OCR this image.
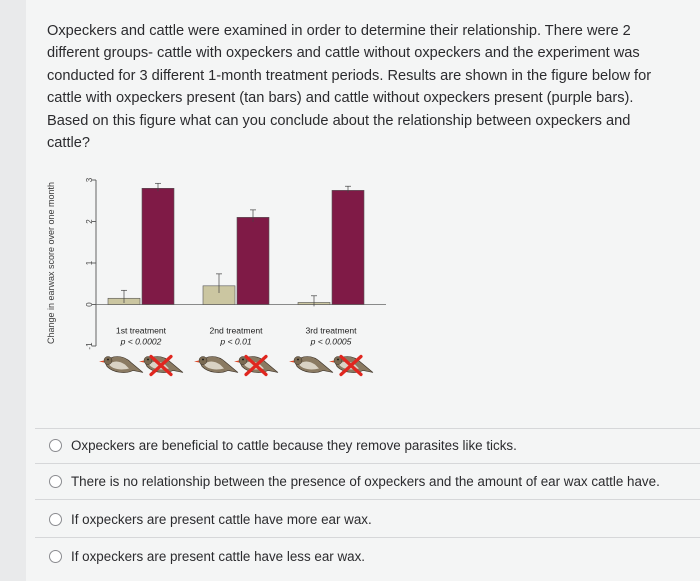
Oxpeckers and cattle were examined in order to determine their relationship. There were 2 different groups- cattle with oxpeckers and cattle without oxpeckers and the experiment was conducted for 3 different 1-month treatment periods. Results are shown in the figure below for cattle with oxpeckers present (tan bars) and cattle without oxpeckers present (purple bars). Based on this figure what can you conclude about the relationship between oxpeckers and cattle?
Change in earwax score over one month
3
2
1
0
-1
1st treatment
p < 0.0002
2nd treatment
p < 0.01
3rd treatment
p < 0.0005
Oxpeckers are beneficial to cattle because they remove parasites like ticks.
There is no relationship between the presence of oxpeckers and the amount of ear wax cattle have.
If oxpeckers are present cattle have more ear wax.
If oxpeckers are present cattle have less ear wax.
